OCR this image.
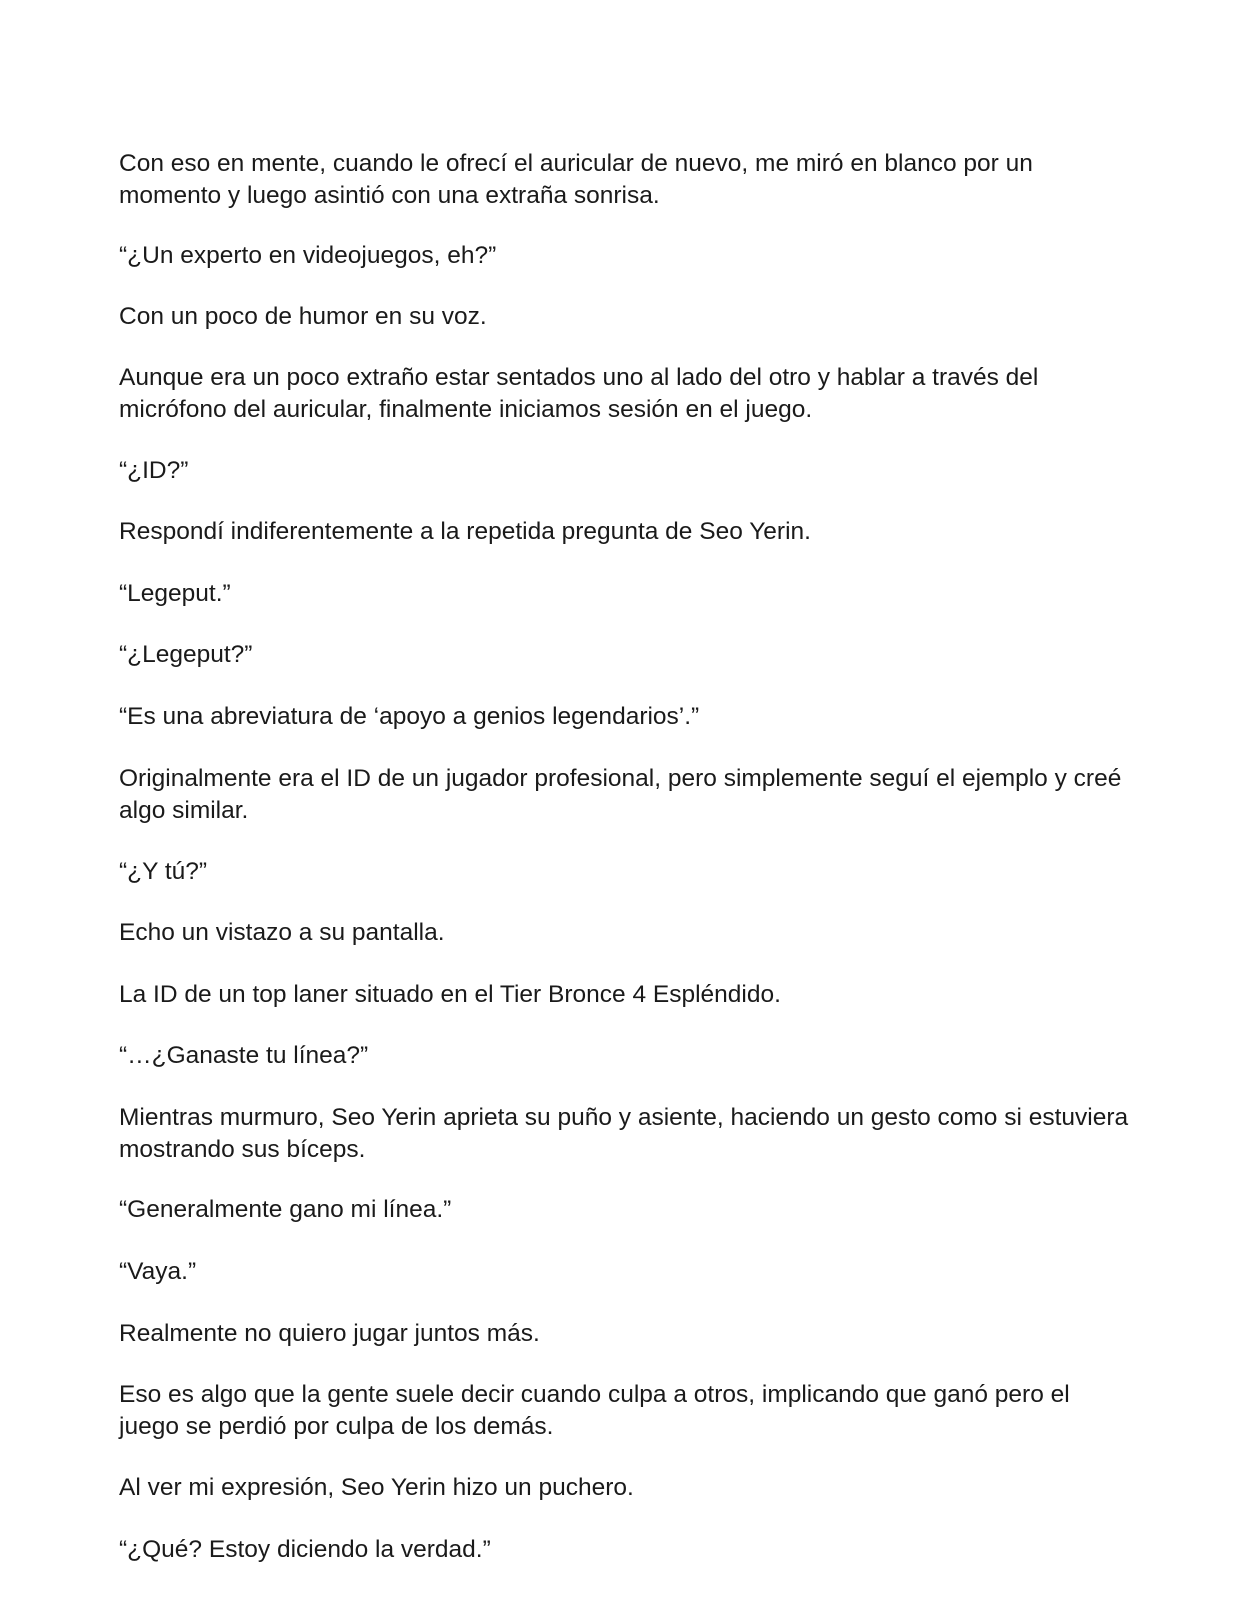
Con eso en mente, cuando le ofrecí el auricular de nuevo, me miró en blanco por un momento y luego asintió con una extraña sonrisa.

“¿Un experto en videojuegos, eh?”

Con un poco de humor en su voz.

Aunque era un poco extraño estar sentados uno al lado del otro y hablar a través del micrófono del auricular, finalmente iniciamos sesión en el juego.

“¿ID?”

Respondí indiferentemente a la repetida pregunta de Seo Yerin.

“Legeput.”

“¿Legeput?”

“Es una abreviatura de ‘apoyo a genios legendarios’.”

Originalmente era el ID de un jugador profesional, pero simplemente seguí el ejemplo y creé algo similar.

“¿Y tú?”

Echo un vistazo a su pantalla.

La ID de un top laner situado en el Tier Bronce 4 Espléndido.

“…¿Ganaste tu línea?”

Mientras murmuro, Seo Yerin aprieta su puño y asiente, haciendo un gesto como si estuviera mostrando sus bíceps.

“Generalmente gano mi línea.”

“Vaya.”

Realmente no quiero jugar juntos más.

Eso es algo que la gente suele decir cuando culpa a otros, implicando que ganó pero el juego se perdió por culpa de los demás.

Al ver mi expresión, Seo Yerin hizo un puchero.

“¿Qué? Estoy diciendo la verdad.”
